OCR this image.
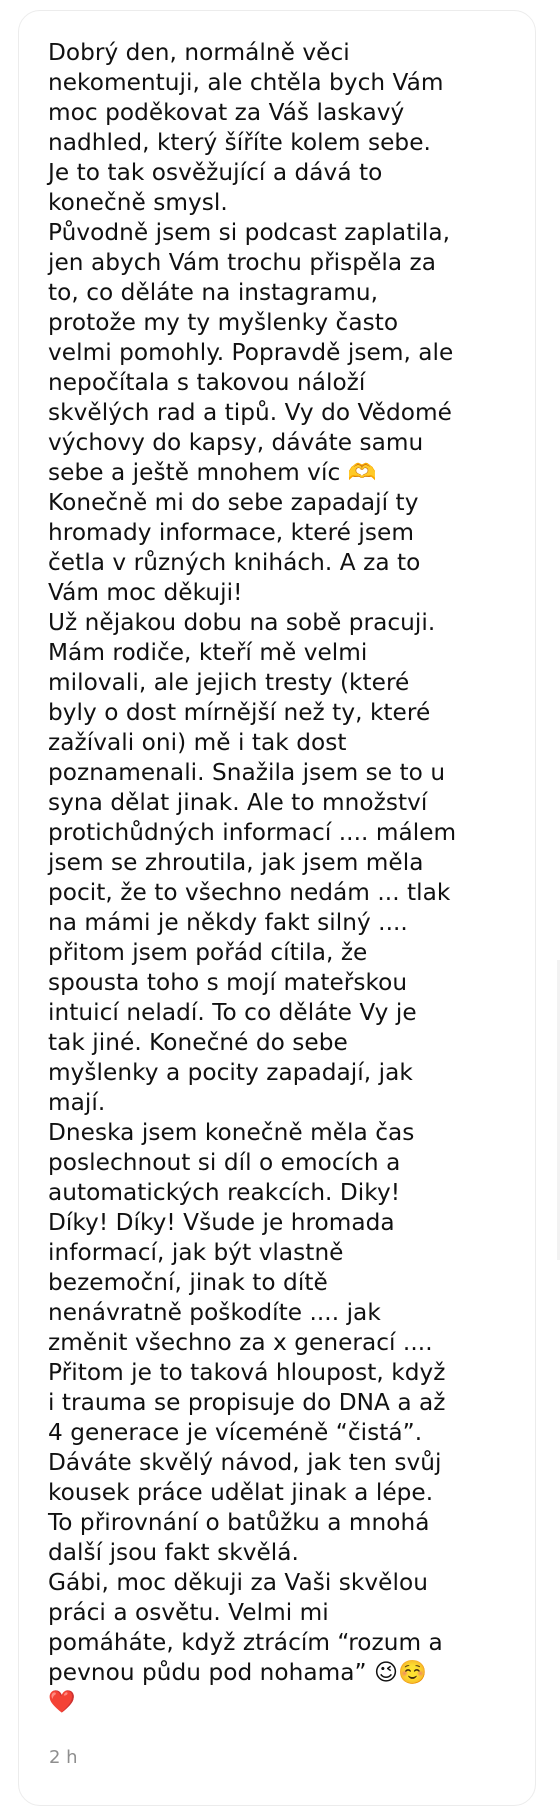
Dobrý den, normálně věci
nekomentuji, ale chtěla bych Vám
moc poděkovat za Váš laskavý
nadhled, který šíříte kolem sebe.
Je to tak osvěžující a dává to
konečně smysl.
Původně jsem si podcast zaplatila,
jen abych Vám trochu přispěla za
to, co děláte na instagramu,
protože my ty myšlenky často
velmi pomohly. Popravdě jsem, ale
nepočítala s takovou náloží
skvělých rad a tipů. Vy do Vědomé
výchovy do kapsy, dáváte samu
sebe a ještě mnohem víc 🫶
Konečně mi do sebe zapadají ty
hromady informace, které jsem
četla v různých knihách. A za to
Vám moc děkuji!
Už nějakou dobu na sobě pracuji.
Mám rodiče, kteří mě velmi
milovali, ale jejich tresty (které
byly o dost mírnější než ty, které
zažívali oni) mě i tak dost
poznamenali. Snažila jsem se to u
syna dělat jinak. Ale to množství
protichůdných informací .... málem
jsem se zhroutila, jak jsem měla
pocit, že to všechno nedám ... tlak
na mámi je někdy fakt silný ....
přitom jsem pořád cítila, že
spousta toho s mojí mateřskou
intuicí neladí. To co děláte Vy je
tak jiné. Konečné do sebe
myšlenky a pocity zapadají, jak
mají.
Dneska jsem konečně měla čas
poslechnout si díl o emocích a
automatických reakcích. Diky!
Díky! Díky! Všude je hromada
informací, jak být vlastně
bezemoční, jinak to dítě
nenávratně poškodíte .... jak
změnit všechno za x generací ....
Přitom je to taková hloupost, když
i trauma se propisuje do DNA a až
4 generace je víceméně “čistá”.
Dáváte skvělý návod, jak ten svůj
kousek práce udělat jinak a lépe.
To přirovnání o batůžku a mnohá
další jsou fakt skvělá.
Gábi, moc děkuji za Vaši skvělou
práci a osvětu. Velmi mi
pomáháte, když ztrácím “rozum a
pevnou půdu pod nohama” 😉☺️
❤️
2 h
